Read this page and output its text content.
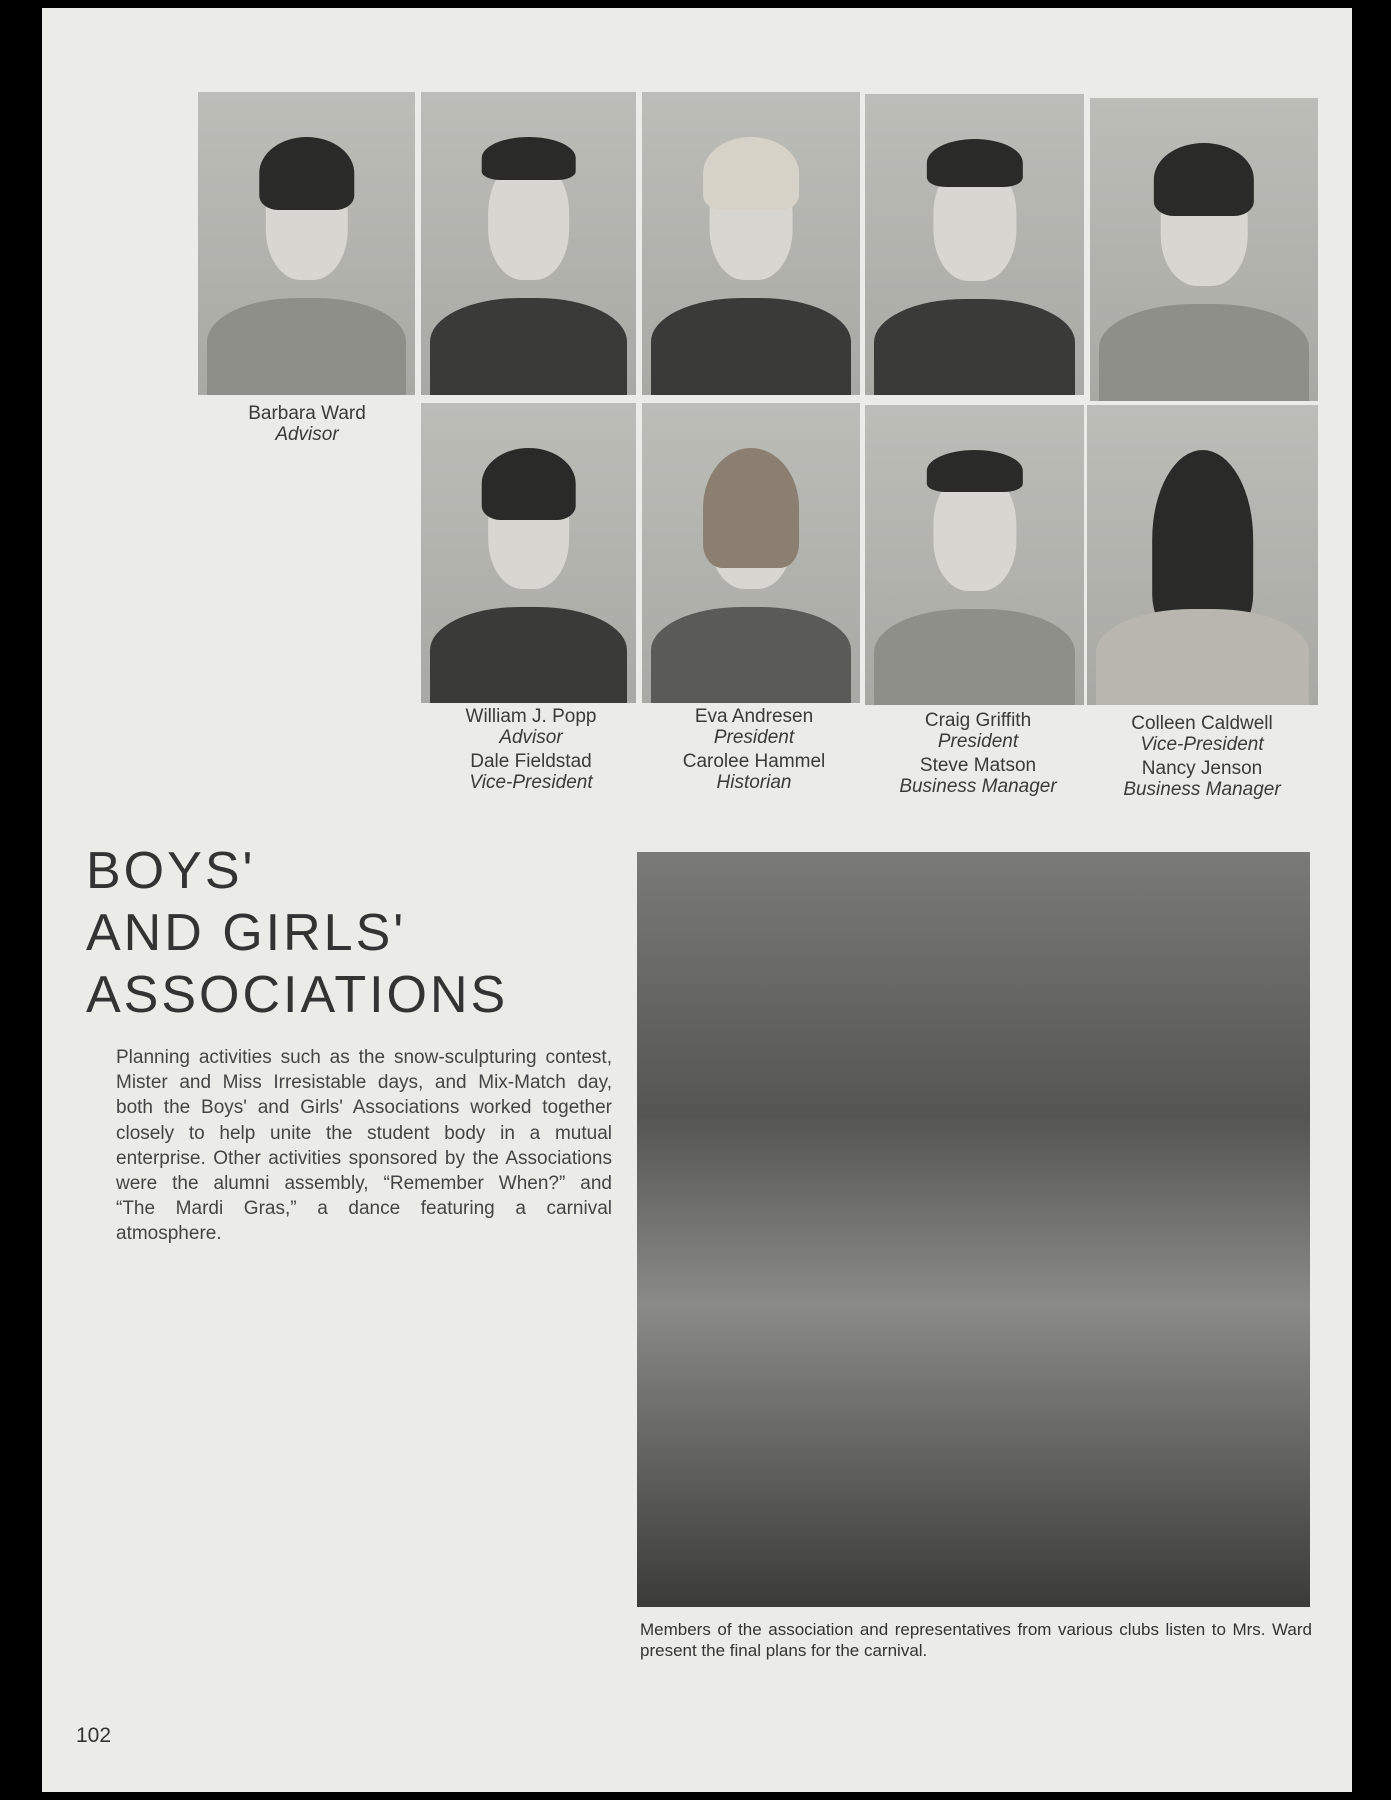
Barbara Ward
Advisor
William J. Popp
Advisor
Dale Fieldstad
Vice-President
Eva Andresen
President
Carolee Hammel
Historian
Craig Griffith
President
Steve Matson
Business Manager
Colleen Caldwell
Vice-President
Nancy Jenson
Business Manager
BOYS'
AND GIRLS'
ASSOCIATIONS
Planning activities such as the snow-sculpturing contest, Mister and Miss Irresistable days, and Mix-Match day, both the Boys' and Girls' Associations worked together closely to help unite the student body in a mutual enterprise. Other activities sponsored by the Associations were the alumni assembly, “Remember When?” and “The Mardi Gras,” a dance featuring a carnival atmosphere.
Members of the association and representatives from various clubs listen to Mrs. Ward present the final plans for the carnival.
102
